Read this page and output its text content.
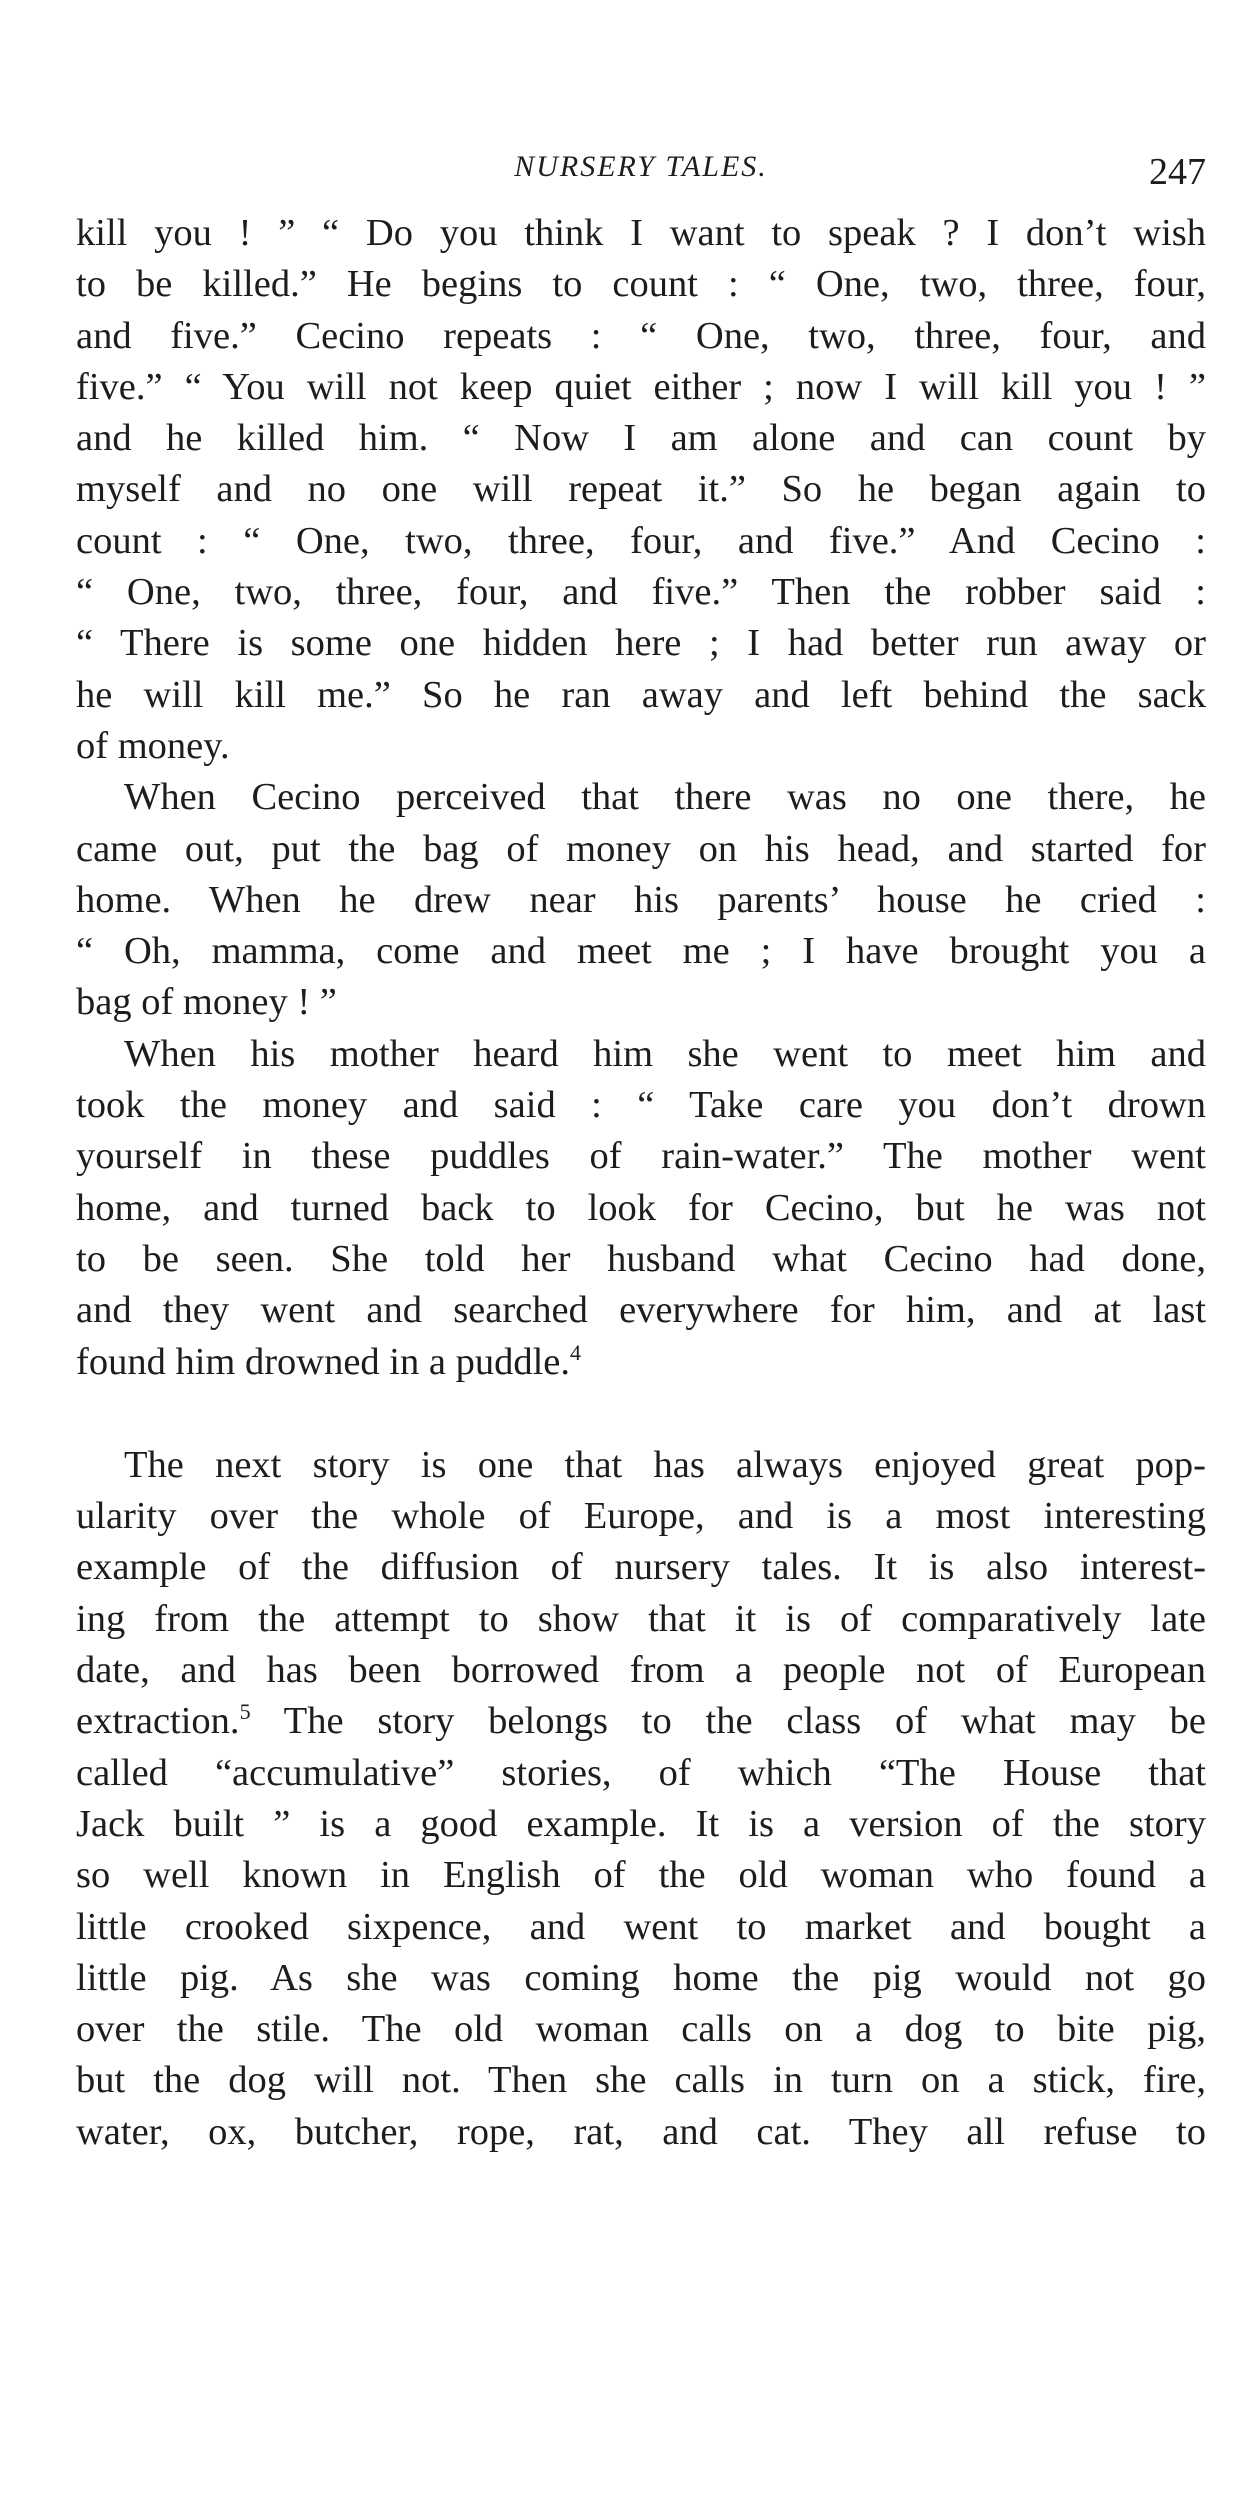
NURSERY TALES.	247
kill you ! ” “ Do you think I want to speak ? I don’t wish
to be killed.” He begins to count : “ One, two, three, four,
and five.” Cecino repeats : “ One, two, three, four, and
five.” “ You will not keep quiet either ; now I will kill you ! ”
and he killed him. “ Now I am alone and can count by
myself and no one will repeat it.” So he began again to
count : “ One, two, three, four, and five.” And Cecino :
“ One, two, three, four, and five.” Then the robber said :
“ There is some one hidden here ; I had better run away or
he will kill me.” So he ran away and left behind the sack
of money.
When Cecino perceived that there was no one there, he
came out, put the bag of money on his head, and started for
home. When he drew near his parents’ house he cried :
“ Oh, mamma, come and meet me ; I have brought you a
bag of money ! ”
When his mother heard him she went to meet him and
took the money and said : “ Take care you don’t drown
yourself in these puddles of rain-water.” The mother went
home, and turned back to look for Cecino, but he was not
to be seen. She told her husband what Cecino had done,
and they went and searched everywhere for him, and at last
found him drowned in a puddle.$^4$
The next story is one that has always enjoyed great pop-
ularity over the whole of Europe, and is a most interesting
example of the diffusion of nursery tales. It is also interest-
ing from the attempt to show that it is of comparatively late
date, and has been borrowed from a people not of European
extraction.$^5$ The story belongs to the class of what may be
called “accumulative” stories, of which “The House that
Jack built ” is a good example. It is a version of the story
so well known in English of the old woman who found a
little crooked sixpence, and went to market and bought a
little pig. As she was coming home the pig would not go
over the stile. The old woman calls on a dog to bite pig,
but the dog will not. Then she calls in turn on a stick, fire,
water, ox, butcher, rope, rat, and cat. They all refuse to
